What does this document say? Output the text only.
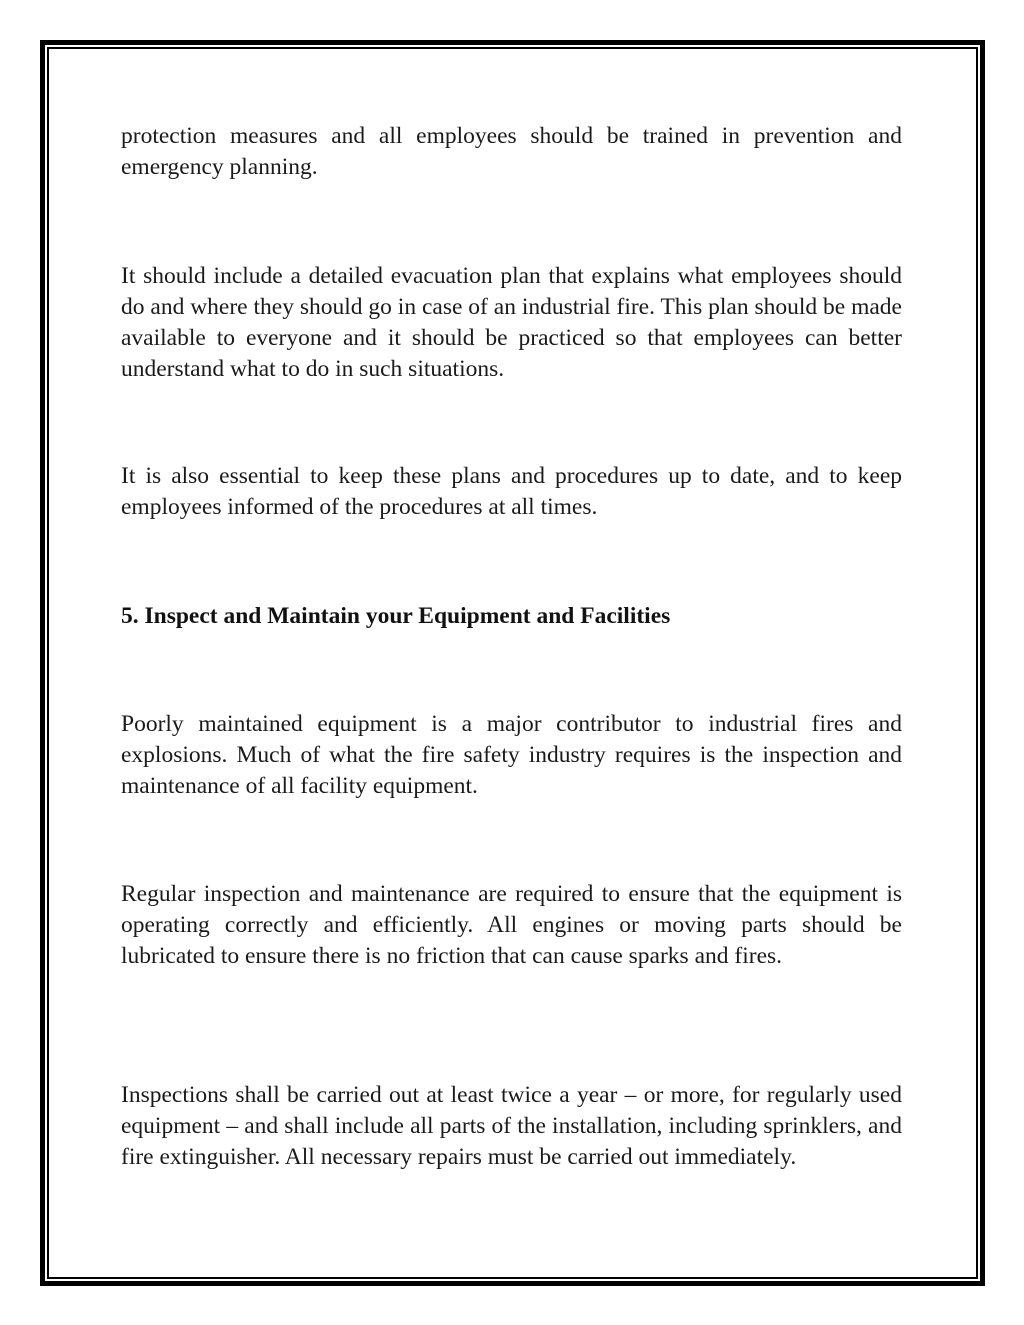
protection measures and all employees should be trained in prevention and emergency planning.

It should include a detailed evacuation plan that explains what employees should do and where they should go in case of an industrial fire. This plan should be made available to everyone and it should be practiced so that employees can better understand what to do in such situations.

It is also essential to keep these plans and procedures up to date, and to keep employees informed of the procedures at all times.

5. Inspect and Maintain your Equipment and Facilities

Poorly maintained equipment is a major contributor to industrial fires and explosions. Much of what the fire safety industry requires is the inspection and maintenance of all facility equipment.

Regular inspection and maintenance are required to ensure that the equipment is operating correctly and efficiently. All engines or moving parts should be lubricated to ensure there is no friction that can cause sparks and fires.

Inspections shall be carried out at least twice a year – or more, for regularly used equipment – and shall include all parts of the installation, including sprinklers, and fire extinguisher. All necessary repairs must be carried out immediately.
